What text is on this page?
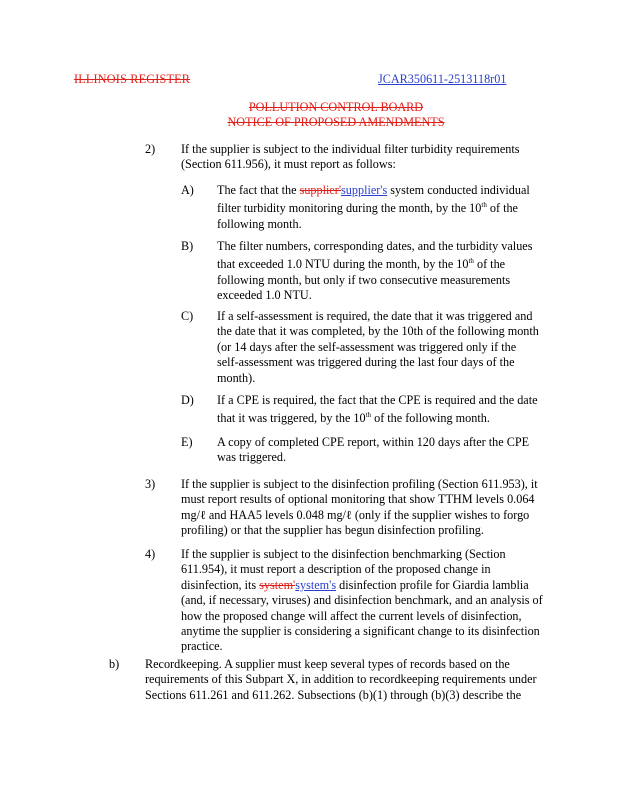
ILLINOIS REGISTER	JCAR350611-2513118r01
POLLUTION CONTROL BOARD
NOTICE OF PROPOSED AMENDMENTS
2) If the supplier is subject to the individual filter turbidity requirements
(Section 611.956), it must report as follows:
A) The fact that the supplier'supplier's system conducted individual
filter turbidity monitoring during the month, by the 10th of the
following month.
B) The filter numbers, corresponding dates, and the turbidity values
that exceeded 1.0 NTU during the month, by the 10th of the
following month, but only if two consecutive measurements
exceeded 1.0 NTU.
C) If a self-assessment is required, the date that it was triggered and
the date that it was completed, by the 10th of the following month
(or 14 days after the self-assessment was triggered only if the
self-assessment was triggered during the last four days of the
month).
D) If a CPE is required, the fact that the CPE is required and the date
that it was triggered, by the 10th of the following month.
E) A copy of completed CPE report, within 120 days after the CPE
was triggered.
3) If the supplier is subject to the disinfection profiling (Section 611.953), it
must report results of optional monitoring that show TTHM levels 0.064
mg/ℓ and HAA5 levels 0.048 mg/ℓ (only if the supplier wishes to forgo
profiling) or that the supplier has begun disinfection profiling.
4) If the supplier is subject to the disinfection benchmarking (Section
611.954), it must report a description of the proposed change in
disinfection, its system'system's disinfection profile for Giardia lamblia
(and, if necessary, viruses) and disinfection benchmark, and an analysis of
how the proposed change will affect the current levels of disinfection,
anytime the supplier is considering a significant change to its disinfection
practice.
b) Recordkeeping. A supplier must keep several types of records based on the
requirements of this Subpart X, in addition to recordkeeping requirements under
Sections 611.261 and 611.262. Subsections (b)(1) through (b)(3) describe the
